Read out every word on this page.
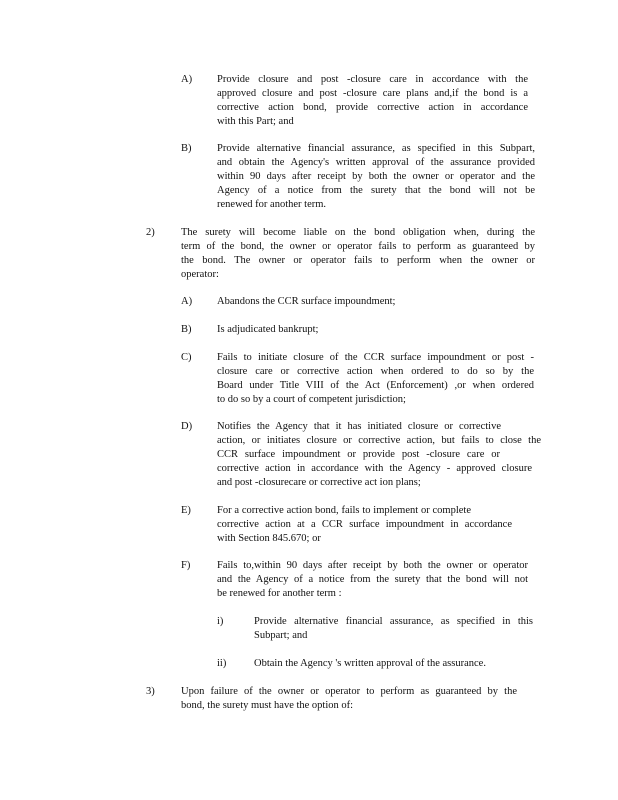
A) Provide closure and post -closure care in accordance with the
approved closure and post -closure care plans and,if the bond is a
corrective action bond, provide corrective action in accordance
with this Part; and
B) Provide alternative financial assurance, as specified in this Subpart,
and obtain the Agency's written approval of the assurance provided
within 90 days after receipt by both the owner or operator and the
Agency of a notice from the surety that the bond will not be
renewed for another term.
2)	The surety will become liable on the bond obligation when, during the
term of the bond, the owner or operator fails to perform as guaranteed by
the bond. The owner or operator fails to perform when the owner or
operator:
A) Abandons the CCR surface impoundment;
B) Is adjudicated bankrupt;
C) Fails to initiate closure of the CCR surface impoundment or post -
closure care or corrective action when ordered to do so by the
Board under Title VIII of the Act (Enforcement) ,or when ordered
to do so by a court of competent jurisdiction;
D) Notifies the Agency that it has initiated closure or corrective
action, or initiates closure or corrective action, but fails to close the
CCR surface impoundment or provide post -closure care or
corrective action in accordance with the Agency - approved closure
and post -closurecare or corrective act ion plans;
E) For a corrective action bond, fails to implement or complete
corrective action at a CCR surface impoundment in accordance
with Section 845.670; or
F)	Fails to,within 90 days after receipt by both the owner or operator
and the Agency of a notice from the surety that the bond will not
be renewed for another term :
i)	Provide alternative financial assurance, as specified in this
Subpart; and
ii)	Obtain the Agency 's written approval of the assurance.
3)	Upon failure of the owner or operator to perform as guaranteed by the
bond, the surety must have the option of:
